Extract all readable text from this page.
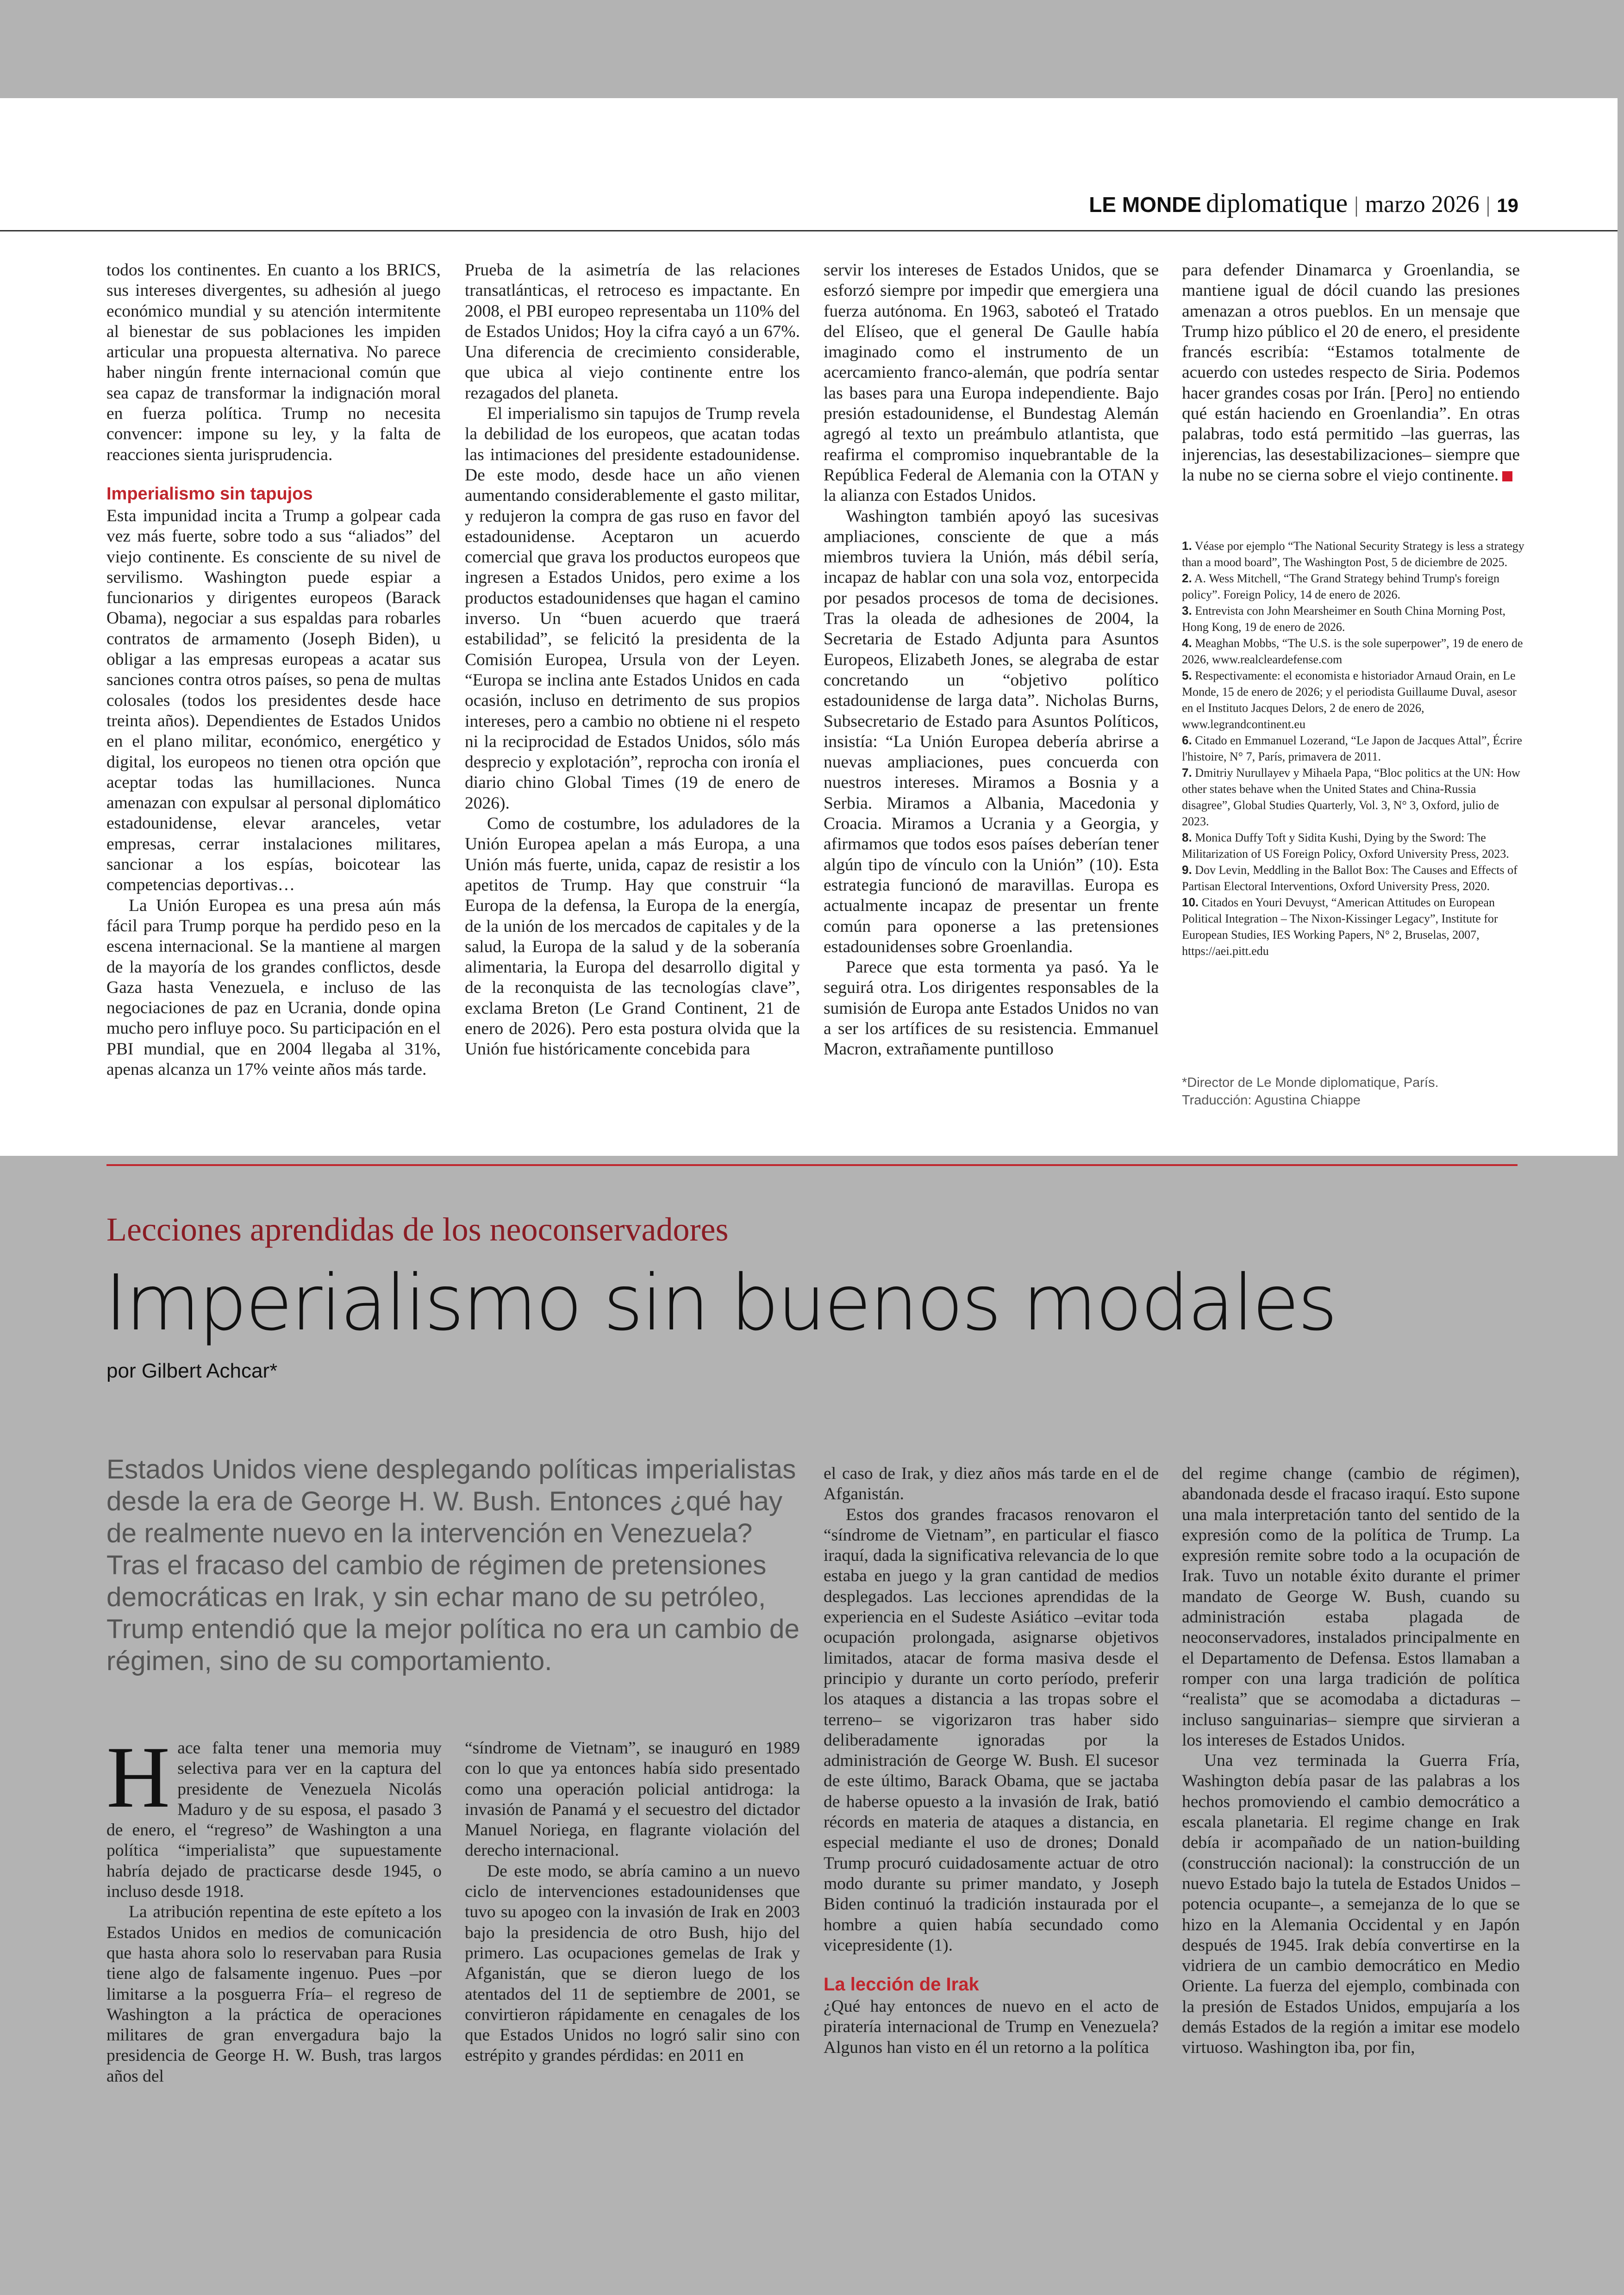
LE MONDE diplomatique | marzo 2026 | 19

todos los continentes. En cuanto a los BRICS, sus intereses divergentes, su adhesión al juego económico mundial y su atención intermitente al bienestar de sus poblaciones les impiden articular una propuesta alternativa. No parece haber ningún frente internacional común que sea capaz de transformar la indignación moral en fuerza política. Trump no necesita convencer: impone su ley, y la falta de reacciones sienta jurisprudencia.

Imperialismo sin tapujos

Esta impunidad incita a Trump a golpear cada vez más fuerte, sobre todo a sus “aliados” del viejo continente. Es consciente de su nivel de servilismo. Washington puede espiar a funcionarios y dirigentes europeos (Barack Obama), negociar a sus espaldas para robarles contratos de armamento (Joseph Biden), u obligar a las empresas europeas a acatar sus sanciones contra otros países, so pena de multas colosales (todos los presidentes desde hace treinta años). Dependientes de Estados Unidos en el plano militar, económico, energético y digital, los europeos no tienen otra opción que aceptar todas las humillaciones. Nunca amenazan con expulsar al personal diplomático estadounidense, elevar aranceles, vetar empresas, cerrar instalaciones militares, sancionar a los espías, boicotear las competencias deportivas…

La Unión Europea es una presa aún más fácil para Trump porque ha perdido peso en la escena internacional. Se la mantiene al margen de la mayoría de los grandes conflictos, desde Gaza hasta Venezuela, e incluso de las negociaciones de paz en Ucrania, donde opina mucho pero influye poco. Su participación en el PBI mundial, que en 2004 llegaba al 31%, apenas alcanza un 17% veinte años más tarde.

Prueba de la asimetría de las relaciones transatlánticas, el retroceso es impactante. En 2008, el PBI europeo representaba un 110% del de Estados Unidos; Hoy la cifra cayó a un 67%. Una diferencia de crecimiento considerable, que ubica al viejo continente entre los rezagados del planeta.

El imperialismo sin tapujos de Trump revela la debilidad de los europeos, que acatan todas las intimaciones del presidente estadounidense. De este modo, desde hace un año vienen aumentando considerablemente el gasto militar, y redujeron la compra de gas ruso en favor del estadounidense. Aceptaron un acuerdo comercial que grava los productos europeos que ingresen a Estados Unidos, pero exime a los productos estadounidenses que hagan el camino inverso. Un “buen acuerdo que traerá estabilidad”, se felicitó la presidenta de la Comisión Europea, Ursula von der Leyen. “Europa se inclina ante Estados Unidos en cada ocasión, incluso en detrimento de sus propios intereses, pero a cambio no obtiene ni el respeto ni la reciprocidad de Estados Unidos, sólo más desprecio y explotación”, reprocha con ironía el diario chino Global Times (19 de enero de 2026).

Como de costumbre, los aduladores de la Unión Europea apelan a más Europa, a una Unión más fuerte, unida, capaz de resistir a los apetitos de Trump. Hay que construir “la Europa de la defensa, la Europa de la energía, de la unión de los mercados de capitales y de la salud, la Europa de la salud y de la soberanía alimentaria, la Europa del desarrollo digital y de la reconquista de las tecnologías clave”, exclama Breton (Le Grand Continent, 21 de enero de 2026). Pero esta postura olvida que la Unión fue históricamente concebida para

servir los intereses de Estados Unidos, que se esforzó siempre por impedir que emergiera una fuerza autónoma. En 1963, saboteó el Tratado del Elíseo, que el general De Gaulle había imaginado como el instrumento de un acercamiento franco-alemán, que podría sentar las bases para una Europa independiente. Bajo presión estadounidense, el Bundestag Alemán agregó al texto un preámbulo atlantista, que reafirma el compromiso inquebrantable de la República Federal de Alemania con la OTAN y la alianza con Estados Unidos.

Washington también apoyó las sucesivas ampliaciones, consciente de que a más miembros tuviera la Unión, más débil sería, incapaz de hablar con una sola voz, entorpecida por pesados procesos de toma de decisiones. Tras la oleada de adhesiones de 2004, la Secretaria de Estado Adjunta para Asuntos Europeos, Elizabeth Jones, se alegraba de estar concretando un “objetivo político estadounidense de larga data”. Nicholas Burns, Subsecretario de Estado para Asuntos Políticos, insistía: “La Unión Europea debería abrirse a nuevas ampliaciones, pues concuerda con nuestros intereses. Miramos a Bosnia y a Serbia. Miramos a Albania, Macedonia y Croacia. Miramos a Ucrania y a Georgia, y afirmamos que todos esos países deberían tener algún tipo de vínculo con la Unión” (10). Esta estrategia funcionó de maravillas. Europa es actualmente incapaz de presentar un frente común para oponerse a las pretensiones estadounidenses sobre Groenlandia.

Parece que esta tormenta ya pasó. Ya le seguirá otra. Los dirigentes responsables de la sumisión de Europa ante Estados Unidos no van a ser los artífices de su resistencia. Emmanuel Macron, extrañamente puntilloso

para defender Dinamarca y Groenlandia, se mantiene igual de dócil cuando las presiones amenazan a otros pueblos. En un mensaje que Trump hizo público el 20 de enero, el presidente francés escribía: “Estamos totalmente de acuerdo con ustedes respecto de Siria. Podemos hacer grandes cosas por Irán. [Pero] no entiendo qué están haciendo en Groenlandia”. En otras palabras, todo está permitido –las guerras, las injerencias, las desestabilizaciones– siempre que la nube no se cierna sobre el viejo continente.

1. Véase por ejemplo “The National Security Strategy is less a strategy than a mood board”, The Washington Post, 5 de diciembre de 2025.

2. A. Wess Mitchell, “The Grand Strategy behind Trump's foreign policy”. Foreign Policy, 14 de enero de 2026.

3. Entrevista con John Mearsheimer en South China Morning Post, Hong Kong, 19 de enero de 2026.

4. Meaghan Mobbs, “The U.S. is the sole superpower”, 19 de enero de 2026, www.realcleardefense.com

5. Respectivamente: el economista e historiador Arnaud Orain, en Le Monde, 15 de enero de 2026; y el periodista Guillaume Duval, asesor en el Instituto Jacques Delors, 2 de enero de 2026, www.legrandcontinent.eu

6. Citado en Emmanuel Lozerand, “Le Japon de Jacques Attal”, Écrire l'histoire, N° 7, París, primavera de 2011.

7. Dmitriy Nurullayev y Mihaela Papa, “Bloc politics at the UN: How other states behave when the United States and China-Russia disagree”, Global Studies Quarterly, Vol. 3, N° 3, Oxford, julio de 2023.

8. Monica Duffy Toft y Sidita Kushi, Dying by the Sword: The Militarization of US Foreign Policy, Oxford University Press, 2023.

9. Dov Levin, Meddling in the Ballot Box: The Causes and Effects of Partisan Electoral Interventions, Oxford University Press, 2020.

10. Citados en Youri Devuyst, “American Attitudes on European Political Integration – The Nixon-Kissinger Legacy”, Institute for European Studies, IES Working Papers, N° 2, Bruselas, 2007, https://aei.pitt.edu

*Director de Le Monde diplomatique, París.
Traducción: Agustina Chiappe
Lecciones aprendidas de los neoconservadores
Imperialismo sin buenos modales
por Gilbert Achcar*
Estados Unidos viene desplegando políticas imperialistas desde la era de George H. W. Bush. Entonces ¿qué hay de realmente nuevo en la intervención en Venezuela? Tras el fracaso del cambio de régimen de pretensiones democráticas en Irak, y sin echar mano de su petróleo, Trump entendió que la mejor política no era un cambio de régimen, sino de su comportamiento.

Hace falta tener una memoria muy selectiva para ver en la captura del presidente de Venezuela Nicolás Maduro y de su esposa, el pasado 3 de enero, el “regreso” de Washington a una política “imperialista” que supuestamente habría dejado de practicarse desde 1945, o incluso desde 1918.

La atribución repentina de este epíteto a los Estados Unidos en medios de comunicación que hasta ahora solo lo reservaban para Rusia tiene algo de falsamente ingenuo. Pues –por limitarse a la posguerra Fría– el regreso de Washington a la práctica de operaciones militares de gran envergadura bajo la presidencia de George H. W. Bush, tras largos años del

“síndrome de Vietnam”, se inauguró en 1989 con lo que ya entonces había sido presentado como una operación policial antidroga: la invasión de Panamá y el secuestro del dictador Manuel Noriega, en flagrante violación del derecho internacional.

De este modo, se abría camino a un nuevo ciclo de intervenciones estadounidenses que tuvo su apogeo con la invasión de Irak en 2003 bajo la presidencia de otro Bush, hijo del primero. Las ocupaciones gemelas de Irak y Afganistán, que se dieron luego de los atentados del 11 de septiembre de 2001, se convirtieron rápidamente en cenagales de los que Estados Unidos no logró salir sino con estrépito y grandes pérdidas: en 2011 en

el caso de Irak, y diez años más tarde en el de Afganistán.

Estos dos grandes fracasos renovaron el “síndrome de Vietnam”, en particular el fiasco iraquí, dada la significativa relevancia de lo que estaba en juego y la gran cantidad de medios desplegados. Las lecciones aprendidas de la experiencia en el Sudeste Asiático –evitar toda ocupación prolongada, asignarse objetivos limitados, atacar de forma masiva desde el principio y durante un corto período, preferir los ataques a distancia a las tropas sobre el terreno– se vigorizaron tras haber sido deliberadamente ignoradas por la administración de George W. Bush. El sucesor de este último, Barack Obama, que se jactaba de haberse opuesto a la invasión de Irak, batió récords en materia de ataques a distancia, en especial mediante el uso de drones; Donald Trump procuró cuidadosamente actuar de otro modo durante su primer mandato, y Joseph Biden continuó la tradición instaurada por el hombre a quien había secundado como vicepresidente (1).

La lección de Irak

¿Qué hay entonces de nuevo en el acto de piratería internacional de Trump en Venezuela? Algunos han visto en él un retorno a la política

del regime change (cambio de régimen), abandonada desde el fracaso iraquí. Esto supone una mala interpretación tanto del sentido de la expresión como de la política de Trump. La expresión remite sobre todo a la ocupación de Irak. Tuvo un notable éxito durante el primer mandato de George W. Bush, cuando su administración estaba plagada de neoconservadores, instalados principalmente en el Departamento de Defensa. Estos llamaban a romper con una larga tradición de política “realista” que se acomodaba a dictaduras –incluso sanguinarias– siempre que sirvieran a los intereses de Estados Unidos.

Una vez terminada la Guerra Fría, Washington debía pasar de las palabras a los hechos promoviendo el cambio democrático a escala planetaria. El regime change en Irak debía ir acompañado de un nation-building (construcción nacional): la construcción de un nuevo Estado bajo la tutela de Estados Unidos –potencia ocupante–, a semejanza de lo que se hizo en la Alemania Occidental y en Japón después de 1945. Irak debía convertirse en la vidriera de un cambio democrático en Medio Oriente. La fuerza del ejemplo, combinada con la presión de Estados Unidos, empujaría a los demás Estados de la región a imitar ese modelo virtuoso. Washington iba, por fin,
